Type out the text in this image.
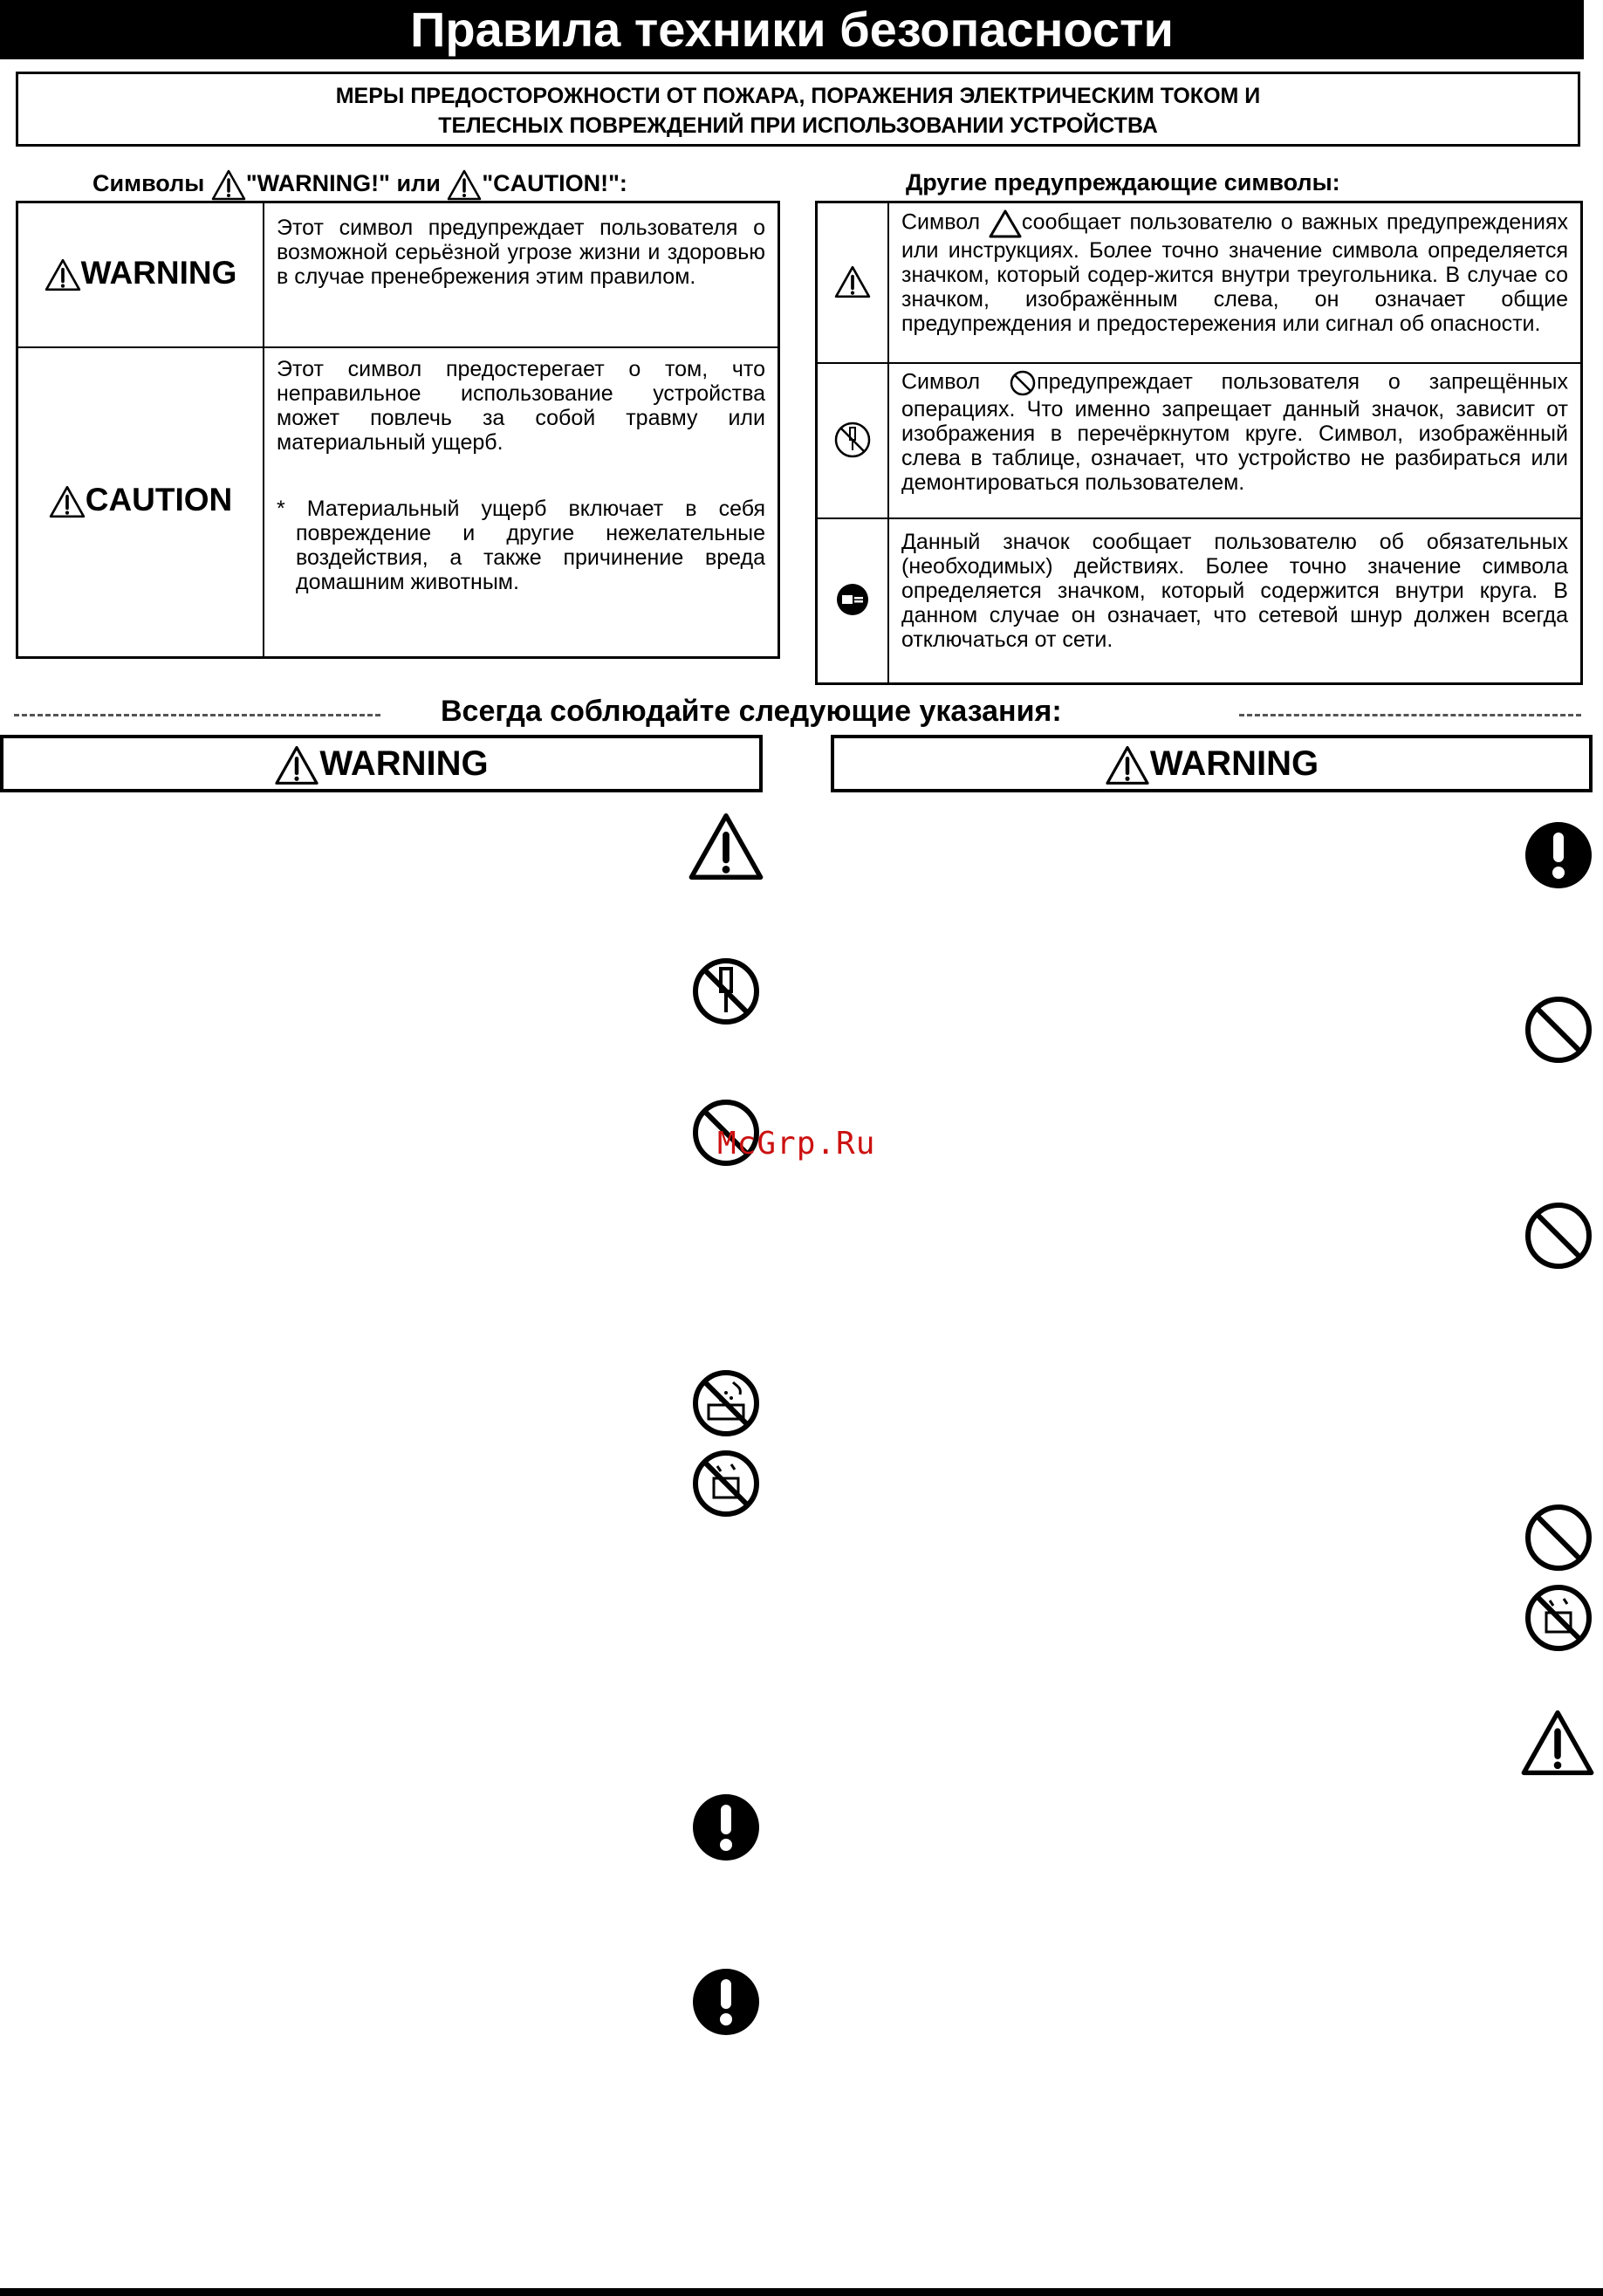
Правила техники безопасности
МЕРЫ ПРЕДОСТОРОЖНОСТИ ОТ ПОЖАРА, ПОРАЖЕНИЯ ЭЛЕКТРИЧЕСКИМ ТОКОМ И
ТЕЛЕСНЫХ ПОВРЕЖДЕНИЙ ПРИ ИСПОЛЬЗОВАНИИ УСТРОЙСТВА
Символы "WARNING!" или "CAUTION!":	Другие предупреждающие символы:
WARNING	Этот символ предупреждает пользователя о возможной серьёзной угрозе жизни и здоровью в случае пренебрежения этим правилом.

CAUTION	Этот символ предостерегает о том, что неправильное использование устройства может повлечь за собой травму или материальный ущерб.
* Материальный ущерб включает в себя повреждение и другие нежелательные воздействия, а также причинение вреда домашним животным.
	Символ сообщает пользователю о важных предупреждениях или инструкциях. Более точно значение символа определяется значком, который содер-жится внутри треугольника. В случае со значком, изображённым слева, он означает общие предупреждения и предостережения или сигнал об опасности.
	Символ предупреждает пользователя о запрещённых операциях. Что именно запрещает данный значок, зависит от изображения в перечёркнутом круге. Символ, изображённый слева в таблице, означает, что устройство не разбираться или демонтироваться пользователем.

Данный значок сообщает пользователю об обязательных (необходимых) действиях. Более точно значение символа определяется значком, который содержится внутри круга. В данном случае он означает, что сетевой шнур должен всегда отключаться от сети.
Всегда соблюдайте следующие указания:
WARNING	WARNING
McGrp.Ru
